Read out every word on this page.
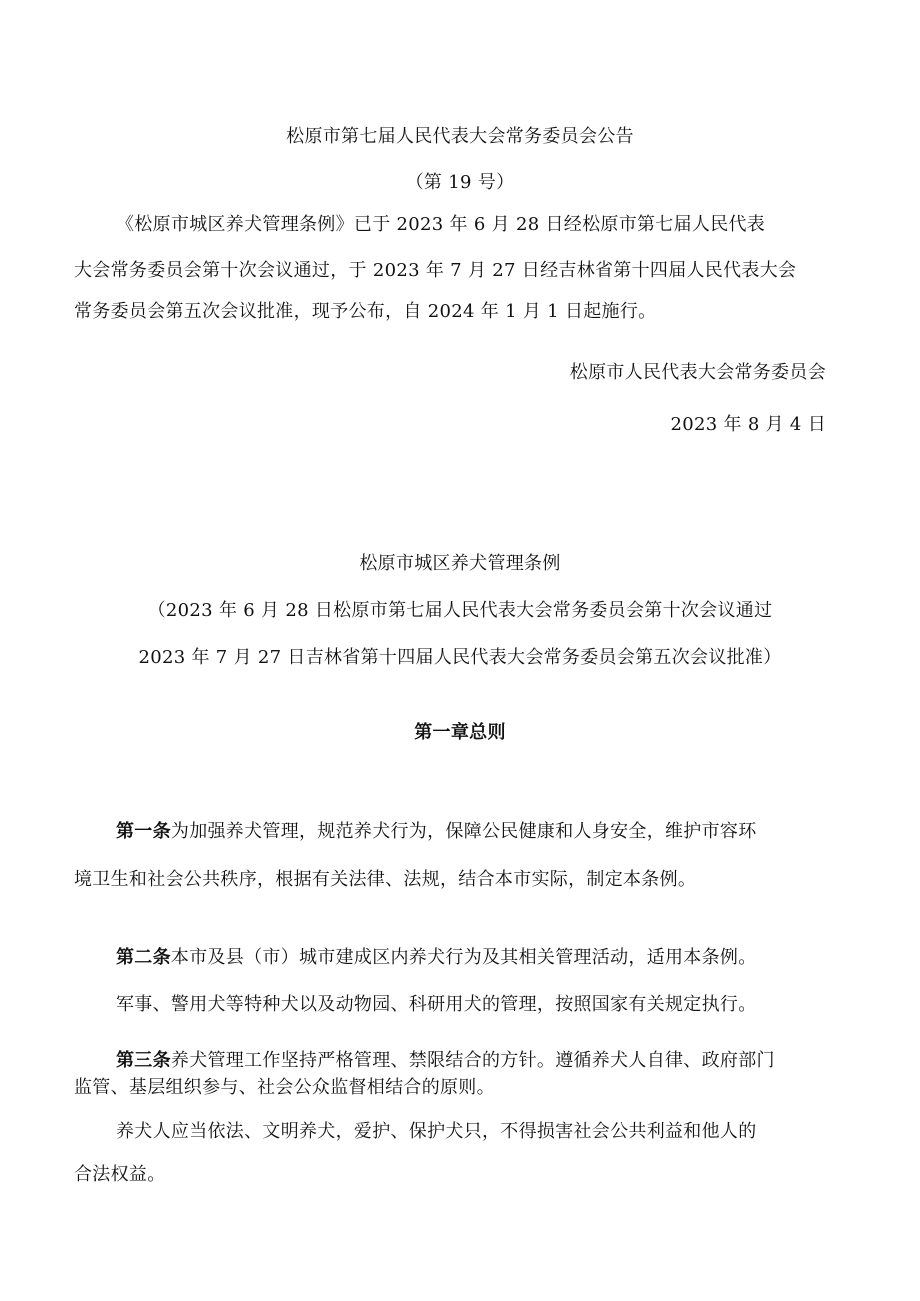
松原市第七届人民代表大会常务委员会公告
（第 19 号）
《松原市城区养犬管理条例》已于 2023 年 6 月 28 日经松原市第七届人民代表
大会常务委员会第十次会议通过，于 2023 年 7 月 27 日经吉林省第十四届人民代表大会
常务委员会第五次会议批准，现予公布，自 2024 年 1 月 1 日起施行。
松原市人民代表大会常务委员会
2023 年 8 月 4 日
松原市城区养犬管理条例
（2023 年 6 月 28 日松原市第七届人民代表大会常务委员会第十次会议通过
2023 年 7 月 27 日吉林省第十四届人民代表大会常务委员会第五次会议批准）
第一章总则
第一条为加强养犬管理，规范养犬行为，保障公民健康和人身安全，维护市容环
境卫生和社会公共秩序，根据有关法律、法规，结合本市实际，制定本条例。
第二条本市及县（市）城市建成区内养犬行为及其相关管理活动，适用本条例。
军事、警用犬等特种犬以及动物园、科研用犬的管理，按照国家有关规定执行。
第三条养犬管理工作坚持严格管理、禁限结合的方针。遵循养犬人自律、政府部门
监管、基层组织参与、社会公众监督相结合的原则。
养犬人应当依法、文明养犬，爱护、保护犬只，不得损害社会公共利益和他人的
合法权益。
